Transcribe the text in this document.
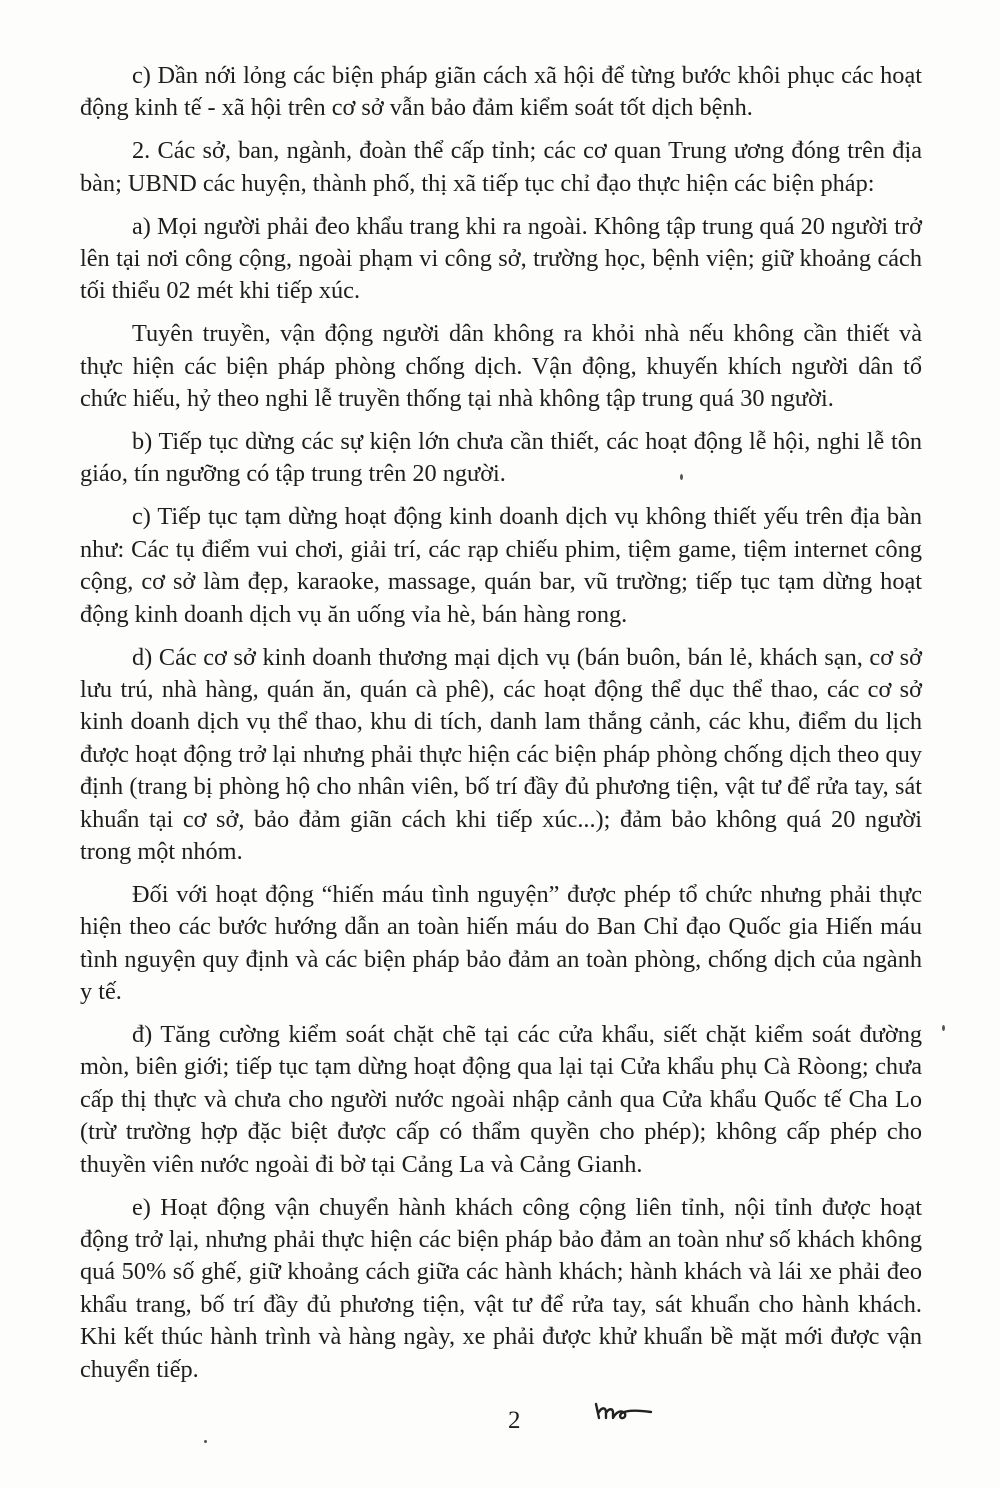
c) Dần nới lỏng các biện pháp giãn cách xã hội để từng bước khôi phục các hoạt động kinh tế - xã hội trên cơ sở vẫn bảo đảm kiểm soát tốt dịch bệnh.

2. Các sở, ban, ngành, đoàn thể cấp tỉnh; các cơ quan Trung ương đóng trên địa bàn; UBND các huyện, thành phố, thị xã tiếp tục chỉ đạo thực hiện các biện pháp:

a) Mọi người phải đeo khẩu trang khi ra ngoài. Không tập trung quá 20 người trở lên tại nơi công cộng, ngoài phạm vi công sở, trường học, bệnh viện; giữ khoảng cách tối thiểu 02 mét khi tiếp xúc.

Tuyên truyền, vận động người dân không ra khỏi nhà nếu không cần thiết và thực hiện các biện pháp phòng chống dịch. Vận động, khuyến khích người dân tổ chức hiếu, hỷ theo nghi lễ truyền thống tại nhà không tập trung quá 30 người.

b) Tiếp tục dừng các sự kiện lớn chưa cần thiết, các hoạt động lễ hội, nghi lễ tôn giáo, tín ngưỡng có tập trung trên 20 người.

c) Tiếp tục tạm dừng hoạt động kinh doanh dịch vụ không thiết yếu trên địa bàn như: Các tụ điểm vui chơi, giải trí, các rạp chiếu phim, tiệm game, tiệm internet công cộng, cơ sở làm đẹp, karaoke, massage, quán bar, vũ trường; tiếp tục tạm dừng hoạt động kinh doanh dịch vụ ăn uống vỉa hè, bán hàng rong.

d) Các cơ sở kinh doanh thương mại dịch vụ (bán buôn, bán lẻ, khách sạn, cơ sở lưu trú, nhà hàng, quán ăn, quán cà phê), các hoạt động thể dục thể thao, các cơ sở kinh doanh dịch vụ thể thao, khu di tích, danh lam thắng cảnh, các khu, điểm du lịch được hoạt động trở lại nhưng phải thực hiện các biện pháp phòng chống dịch theo quy định (trang bị phòng hộ cho nhân viên, bố trí đầy đủ phương tiện, vật tư để rửa tay, sát khuẩn tại cơ sở, bảo đảm giãn cách khi tiếp xúc...); đảm bảo không quá 20 người trong một nhóm.

Đối với hoạt động “hiến máu tình nguyện” được phép tổ chức nhưng phải thực hiện theo các bước hướng dẫn an toàn hiến máu do Ban Chỉ đạo Quốc gia Hiến máu tình nguyện quy định và các biện pháp bảo đảm an toàn phòng, chống dịch của ngành y tế.

đ) Tăng cường kiểm soát chặt chẽ tại các cửa khẩu, siết chặt kiểm soát đường mòn, biên giới; tiếp tục tạm dừng hoạt động qua lại tại Cửa khẩu phụ Cà Ròong; chưa cấp thị thực và chưa cho người nước ngoài nhập cảnh qua Cửa khẩu Quốc tế Cha Lo (trừ trường hợp đặc biệt được cấp có thẩm quyền cho phép); không cấp phép cho thuyền viên nước ngoài đi bờ tại Cảng La và Cảng Gianh.

e) Hoạt động vận chuyển hành khách công cộng liên tỉnh, nội tỉnh được hoạt động trở lại, nhưng phải thực hiện các biện pháp bảo đảm an toàn như số khách không quá 50% số ghế, giữ khoảng cách giữa các hành khách; hành khách và lái xe phải đeo khẩu trang, bố trí đầy đủ phương tiện, vật tư để rửa tay, sát khuẩn cho hành khách. Khi kết thúc hành trình và hàng ngày, xe phải được khử khuẩn bề mặt mới được vận chuyển tiếp.

2
